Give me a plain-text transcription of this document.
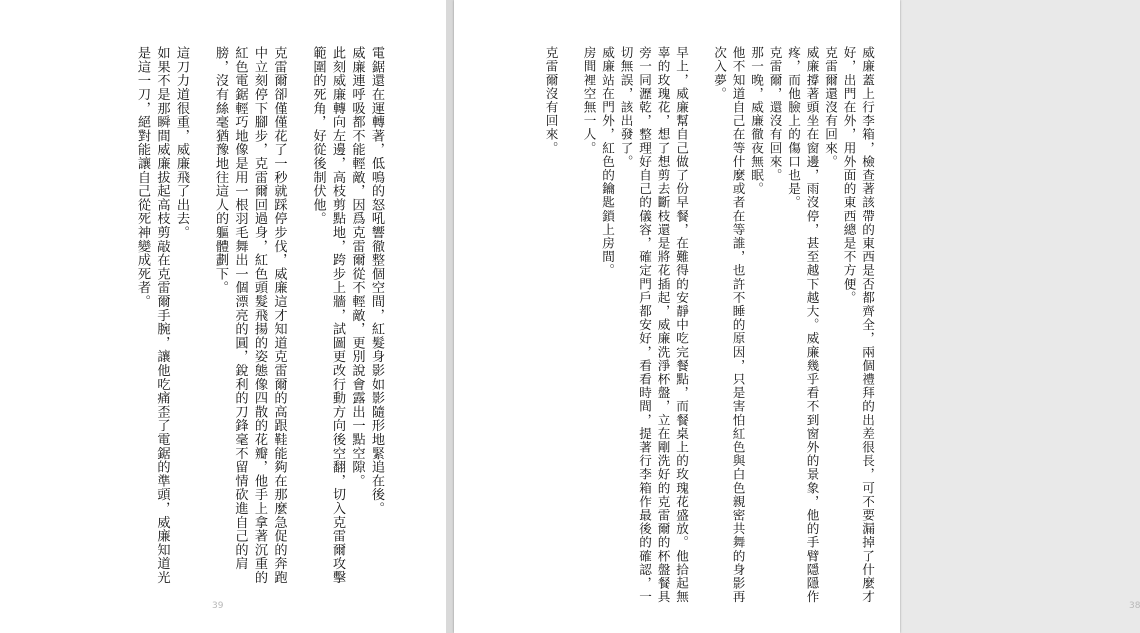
電鋸還在運轉著，低鳴的怒吼響徹整個空間，紅髮身影如影隨形地緊追在後。

威廉連呼吸都不能輕敵，因爲克雷爾從不輕敵，更別說會露出一點空隙。

此刻威廉轉向左邊，高枝剪點地，跨步上牆，試圖更改行動方向後空翻，切入克雷爾攻擊範圍的死角，好從後制伏他。

克雷爾卻僅僅花了一秒就踩停步伐，威廉這才知道克雷爾的高跟鞋能夠在那麼急促的奔跑中立刻停下腳步，克雷爾回過身，紅色頭髮飛揚的姿態像四散的花瓣，他手上拿著沉重的紅色電鋸輕巧地像是用一根羽毛舞出一個漂亮的圓，銳利的刀鋒毫不留情砍進自己的肩膀，沒有絲毫猶豫地往這人的軀體劃下。

這刀力道很重，威廉飛了出去。

如果不是那瞬間威廉拔起高枝剪敲在克雷爾手腕，讓他吃痛歪了電鋸的準頭，威廉知道光是這一刀，絕對能讓自己從死神變成死者。

39

威廉蓋上行李箱，檢查著該帶的東西是否都齊全，兩個禮拜的出差很長，可不要漏掉了什麼才好，出門在外，用外面的東西總是不方便。

克雷爾還沒有回來。

威廉撐著頭坐在窗邊，雨沒停，甚至越下越大。威廉幾乎看不到窗外的景象，他的手臂隱隱作疼，而他臉上的傷口也是。

克雷爾，還沒有回來。

那一晚，威廉徹夜無眠。

他不知道自己在等什麼或者在等誰，也許不睡的原因，只是害怕紅色與白色親密共舞的身影再次入夢。

早上，威廉幫自己做了份早餐，在難得的安靜中吃完餐點，而餐桌上的玫瑰花盛放。他拾起無辜的玫瑰花，想了想剪去斷枝還是將花插起，威廉洗淨杯盤，立在剛洗好的克雷爾的杯盤餐具旁一同瀝乾，整理好自己的儀容，確定門戶都安好，看看時間，提著行李箱作最後的確認，一切無誤，該出發了。

威廉站在門外，紅色的鑰匙鎖上房間。

房間裡空無一人。

克雷爾沒有回來。

38
